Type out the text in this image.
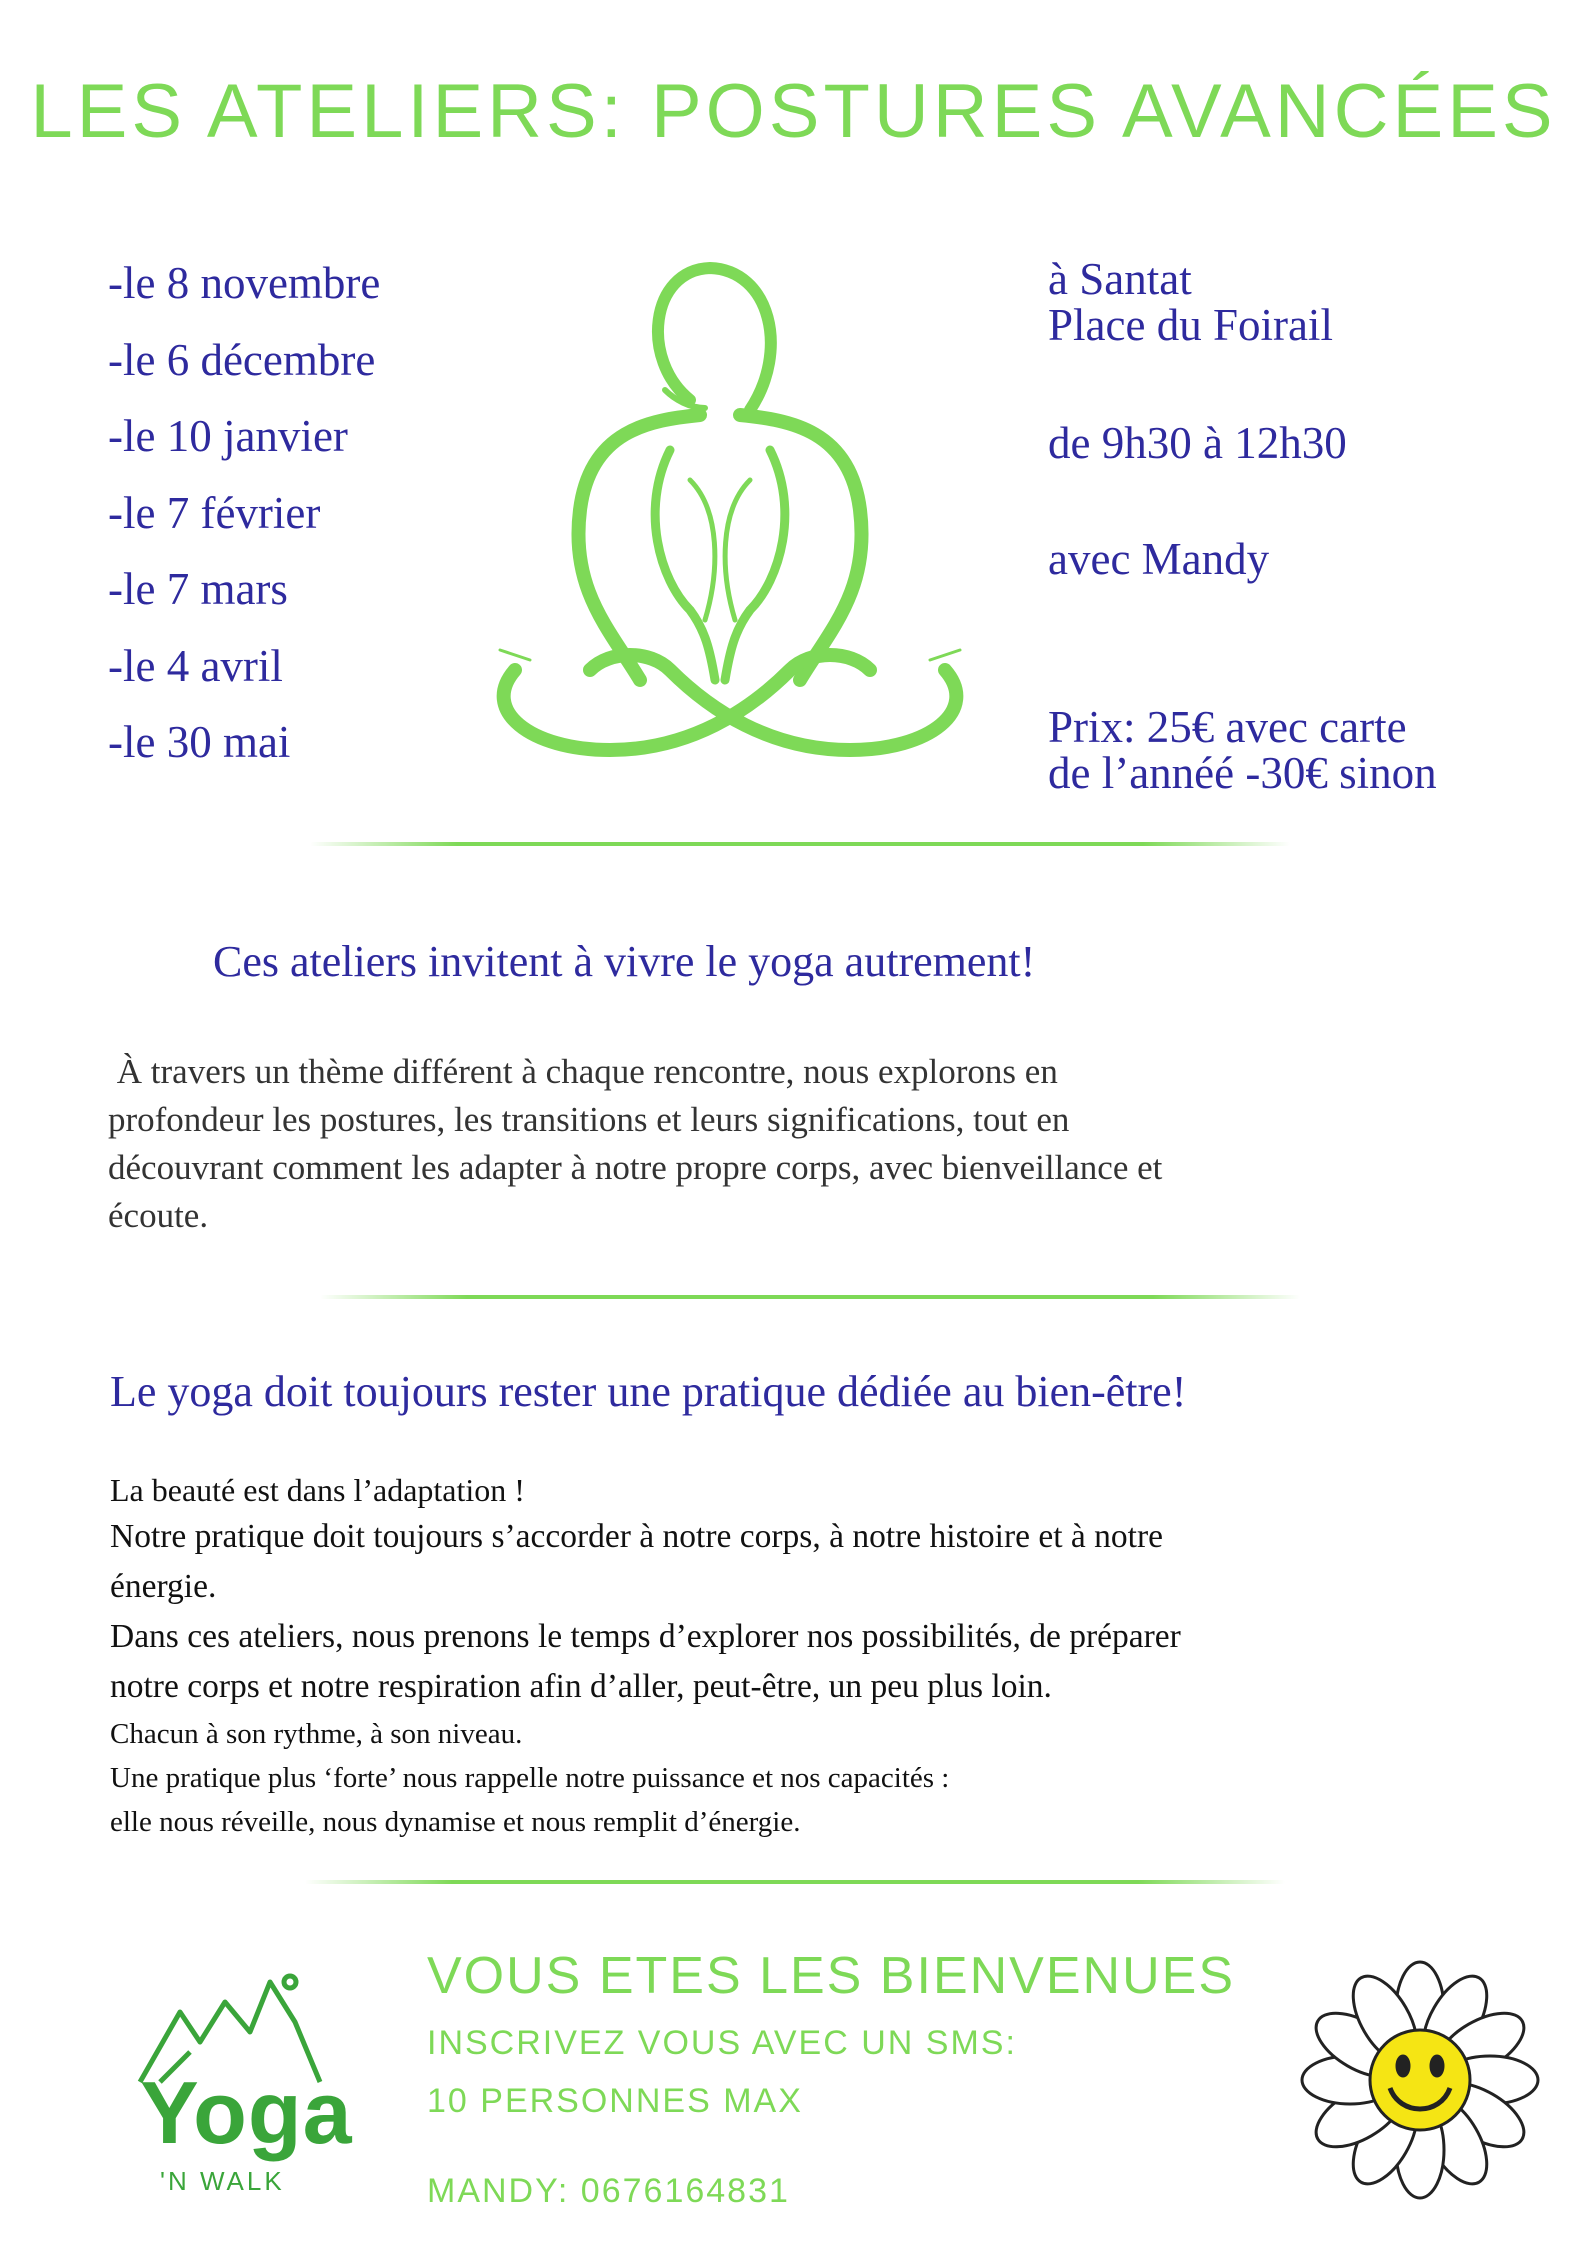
LES ATELIERS: POSTURES AVANCÉES
-le 8 novembre
-le 6 décembre
-le 10 janvier
-le 7 février
-le 7 mars
-le 4 avril
-le 30 mai
à Santat
Place du Foirail
de 9h30 à 12h30
avec Mandy
Prix: 25€ avec carte
de l’annéé -30€ sinon
Ces ateliers invitent à vivre le yoga autrement!
À travers un thème différent à chaque rencontre, nous explorons en
profondeur les postures, les transitions et leurs significations, tout en
découvrant comment les adapter à notre propre corps, avec bienveillance et
écoute.
Le yoga doit toujours rester une pratique dédiée au bien-être!
La beauté est dans l’adaptation !
Notre pratique doit toujours s’accorder à notre corps, à notre histoire et à notre
énergie.
Dans ces ateliers, nous prenons le temps d’explorer nos possibilités, de préparer
notre corps et notre respiration afin d’aller, peut-être, un peu plus loin.
Chacun à son rythme, à son niveau.
Une pratique plus ‘forte’ nous rappelle notre puissance et nos capacités :
elle nous réveille, nous dynamise et nous remplit d’énergie.
VOUS ETES LES BIENVENUES
INSCRIVEZ VOUS AVEC UN SMS:
10 PERSONNES MAX
MANDY: 0676164831
Yoga
'N WALK
